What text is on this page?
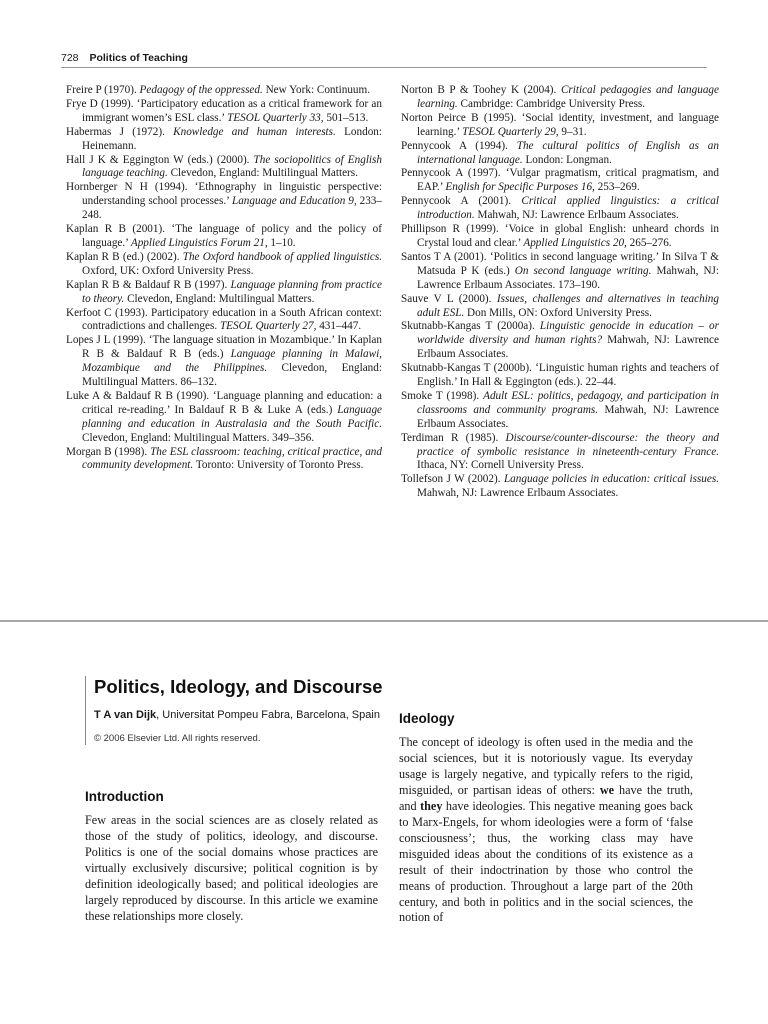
728 Politics of Teaching

Freire P (1970). Pedagogy of the oppressed. New York: Continuum.

Frye D (1999). ‘Participatory education as a critical framework for an immigrant women’s ESL class.’ TESOL Quarterly 33, 501–513.

Habermas J (1972). Knowledge and human interests. London: Heinemann.

Hall J K & Eggington W (eds.) (2000). The sociopolitics of English language teaching. Clevedon, England: Multilingual Matters.

Hornberger N H (1994). ‘Ethnography in linguistic perspective: understanding school processes.’ Language and Education 9, 233–248.

Kaplan R B (2001). ‘The language of policy and the policy of language.’ Applied Linguistics Forum 21, 1–10.

Kaplan R B (ed.) (2002). The Oxford handbook of applied linguistics. Oxford, UK: Oxford University Press.

Kaplan R B & Baldauf R B (1997). Language planning from practice to theory. Clevedon, England: Multilingual Matters.

Kerfoot C (1993). Participatory education in a South African context: contradictions and challenges. TESOL Quarterly 27, 431–447.

Lopes J L (1999). ‘The language situation in Mozambique.’ In Kaplan R B & Baldauf R B (eds.) Language planning in Malawi, Mozambique and the Philippines. Clevedon, England: Multilingual Matters. 86–132.

Luke A & Baldauf R B (1990). ‘Language planning and education: a critical re-reading.’ In Baldauf R B & Luke A (eds.) Language planning and education in Australasia and the South Pacific. Clevedon, England: Multilingual Matters. 349–356.

Morgan B (1998). The ESL classroom: teaching, critical practice, and community development. Toronto: University of Toronto Press.

Norton B P & Toohey K (2004). Critical pedagogies and language learning. Cambridge: Cambridge University Press.

Norton Peirce B (1995). ‘Social identity, investment, and language learning.’ TESOL Quarterly 29, 9–31.

Pennycook A (1994). The cultural politics of English as an international language. London: Longman.

Pennycook A (1997). ‘Vulgar pragmatism, critical pragmatism, and EAP.’ English for Specific Purposes 16, 253–269.

Pennycook A (2001). Critical applied linguistics: a critical introduction. Mahwah, NJ: Lawrence Erlbaum Associates.

Phillipson R (1999). ‘Voice in global English: unheard chords in Crystal loud and clear.’ Applied Linguistics 20, 265–276.

Santos T A (2001). ‘Politics in second language writing.’ In Silva T & Matsuda P K (eds.) On second language writing. Mahwah, NJ: Lawrence Erlbaum Associates. 173–190.

Sauve V L (2000). Issues, challenges and alternatives in teaching adult ESL. Don Mills, ON: Oxford University Press.

Skutnabb-Kangas T (2000a). Linguistic genocide in education – or worldwide diversity and human rights? Mahwah, NJ: Lawrence Erlbaum Associates.

Skutnabb-Kangas T (2000b). ‘Linguistic human rights and teachers of English.’ In Hall & Eggington (eds.). 22–44.

Smoke T (1998). Adult ESL: politics, pedagogy, and participation in classrooms and community programs. Mahwah, NJ: Lawrence Erlbaum Associates.

Terdiman R (1985). Discourse/counter-discourse: the theory and practice of symbolic resistance in nineteenth-century France. Ithaca, NY: Cornell University Press.

Tollefson J W (2002). Language policies in education: critical issues. Mahwah, NJ: Lawrence Erlbaum Associates.

Politics, Ideology, and Discourse
T A van Dijk, Universitat Pompeu Fabra, Barcelona, Spain
© 2006 Elsevier Ltd. All rights reserved.
Introduction

Few areas in the social sciences are as closely related as those of the study of politics, ideology, and discourse. Politics is one of the social domains whose practices are virtually exclusively discursive; political cognition is by definition ideologically based; and political ideologies are largely reproduced by discourse. In this article we examine these relationships more closely.

Ideology

The concept of ideology is often used in the media and the social sciences, but it is notoriously vague. Its everyday usage is largely negative, and typically refers to the rigid, misguided, or partisan ideas of others: we have the truth, and they have ideologies. This negative meaning goes back to Marx-Engels, for whom ideologies were a form of ‘false consciousness’; thus, the working class may have misguided ideas about the conditions of its existence as a result of their indoctrination by those who control the means of production. Throughout a large part of the 20th century, and both in politics and in the social sciences, the notion of
